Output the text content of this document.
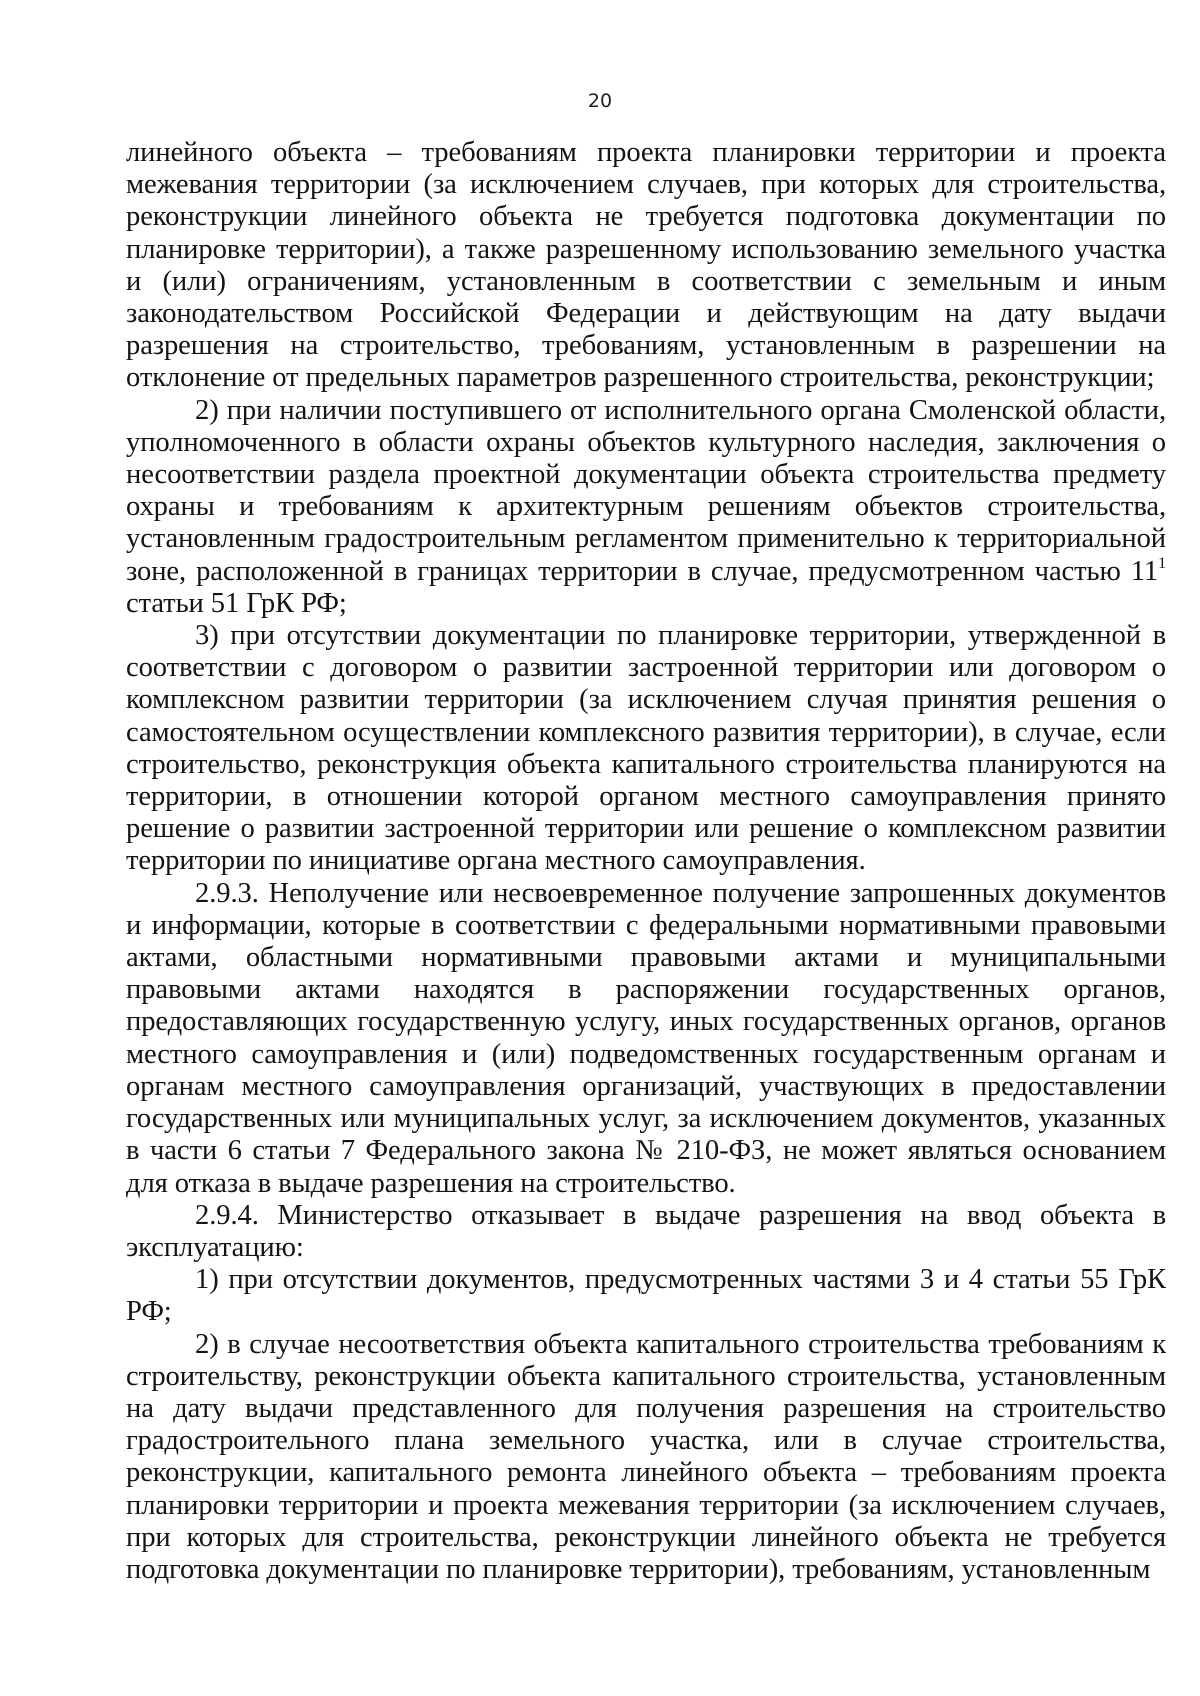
20

линейного объекта – требованиям проекта планировки территории и проекта межевания территории (за исключением случаев, при которых для строительства, реконструкции линейного объекта не требуется подготовка документации по планировке территории), а также разрешенному использованию земельного участка и (или) ограничениям, установленным в соответствии с земельным и иным законодательством Российской Федерации и действующим на дату выдачи разрешения на строительство, требованиям, установленным в разрешении на отклонение от предельных параметров разрешенного строительства, реконструкции;

2) при наличии поступившего от исполнительного органа Смоленской области, уполномоченного в области охраны объектов культурного наследия, заключения о несоответствии раздела проектной документации объекта строительства предмету охраны и требованиям к архитектурным решениям объектов строительства, установленным градостроительным регламентом применительно к территориальной зоне, расположенной в границах территории в случае, предусмотренном частью $11^1$ статьи 51 ГрК РФ;

3) при отсутствии документации по планировке территории, утвержденной в соответствии с договором о развитии застроенной территории или договором о комплексном развитии территории (за исключением случая принятия решения о самостоятельном осуществлении комплексного развития территории), в случае, если строительство, реконструкция объекта капитального строительства планируются на территории, в отношении которой органом местного самоуправления принято решение о развитии застроенной территории или решение о комплексном развитии территории по инициативе органа местного самоуправления.

2.9.3. Неполучение или несвоевременное получение запрошенных документов и информации, которые в соответствии с федеральными нормативными правовыми актами, областными нормативными правовыми актами и муниципальными правовыми актами находятся в распоряжении государственных органов, предоставляющих государственную услугу, иных государственных органов, органов местного самоуправления и (или) подведомственных государственным органам и органам местного самоуправления организаций, участвующих в предоставлении государственных или муниципальных услуг, за исключением документов, указанных в части 6 статьи 7 Федерального закона № 210-ФЗ, не может являться основанием для отказа в выдаче разрешения на строительство.

2.9.4. Министерство отказывает в выдаче разрешения на ввод объекта в эксплуатацию:

1) при отсутствии документов, предусмотренных частями 3 и 4 статьи 55 ГрК РФ;

2) в случае несоответствия объекта капитального строительства требованиям к строительству, реконструкции объекта капитального строительства, установленным на дату выдачи представленного для получения разрешения на строительство градостроительного плана земельного участка, или в случае строительства, реконструкции, капитального ремонта линейного объекта – требованиям проекта планировки территории и проекта межевания территории (за исключением случаев, при которых для строительства, реконструкции линейного объекта не требуется подготовка документации по планировке территории), требованиям, установленным
